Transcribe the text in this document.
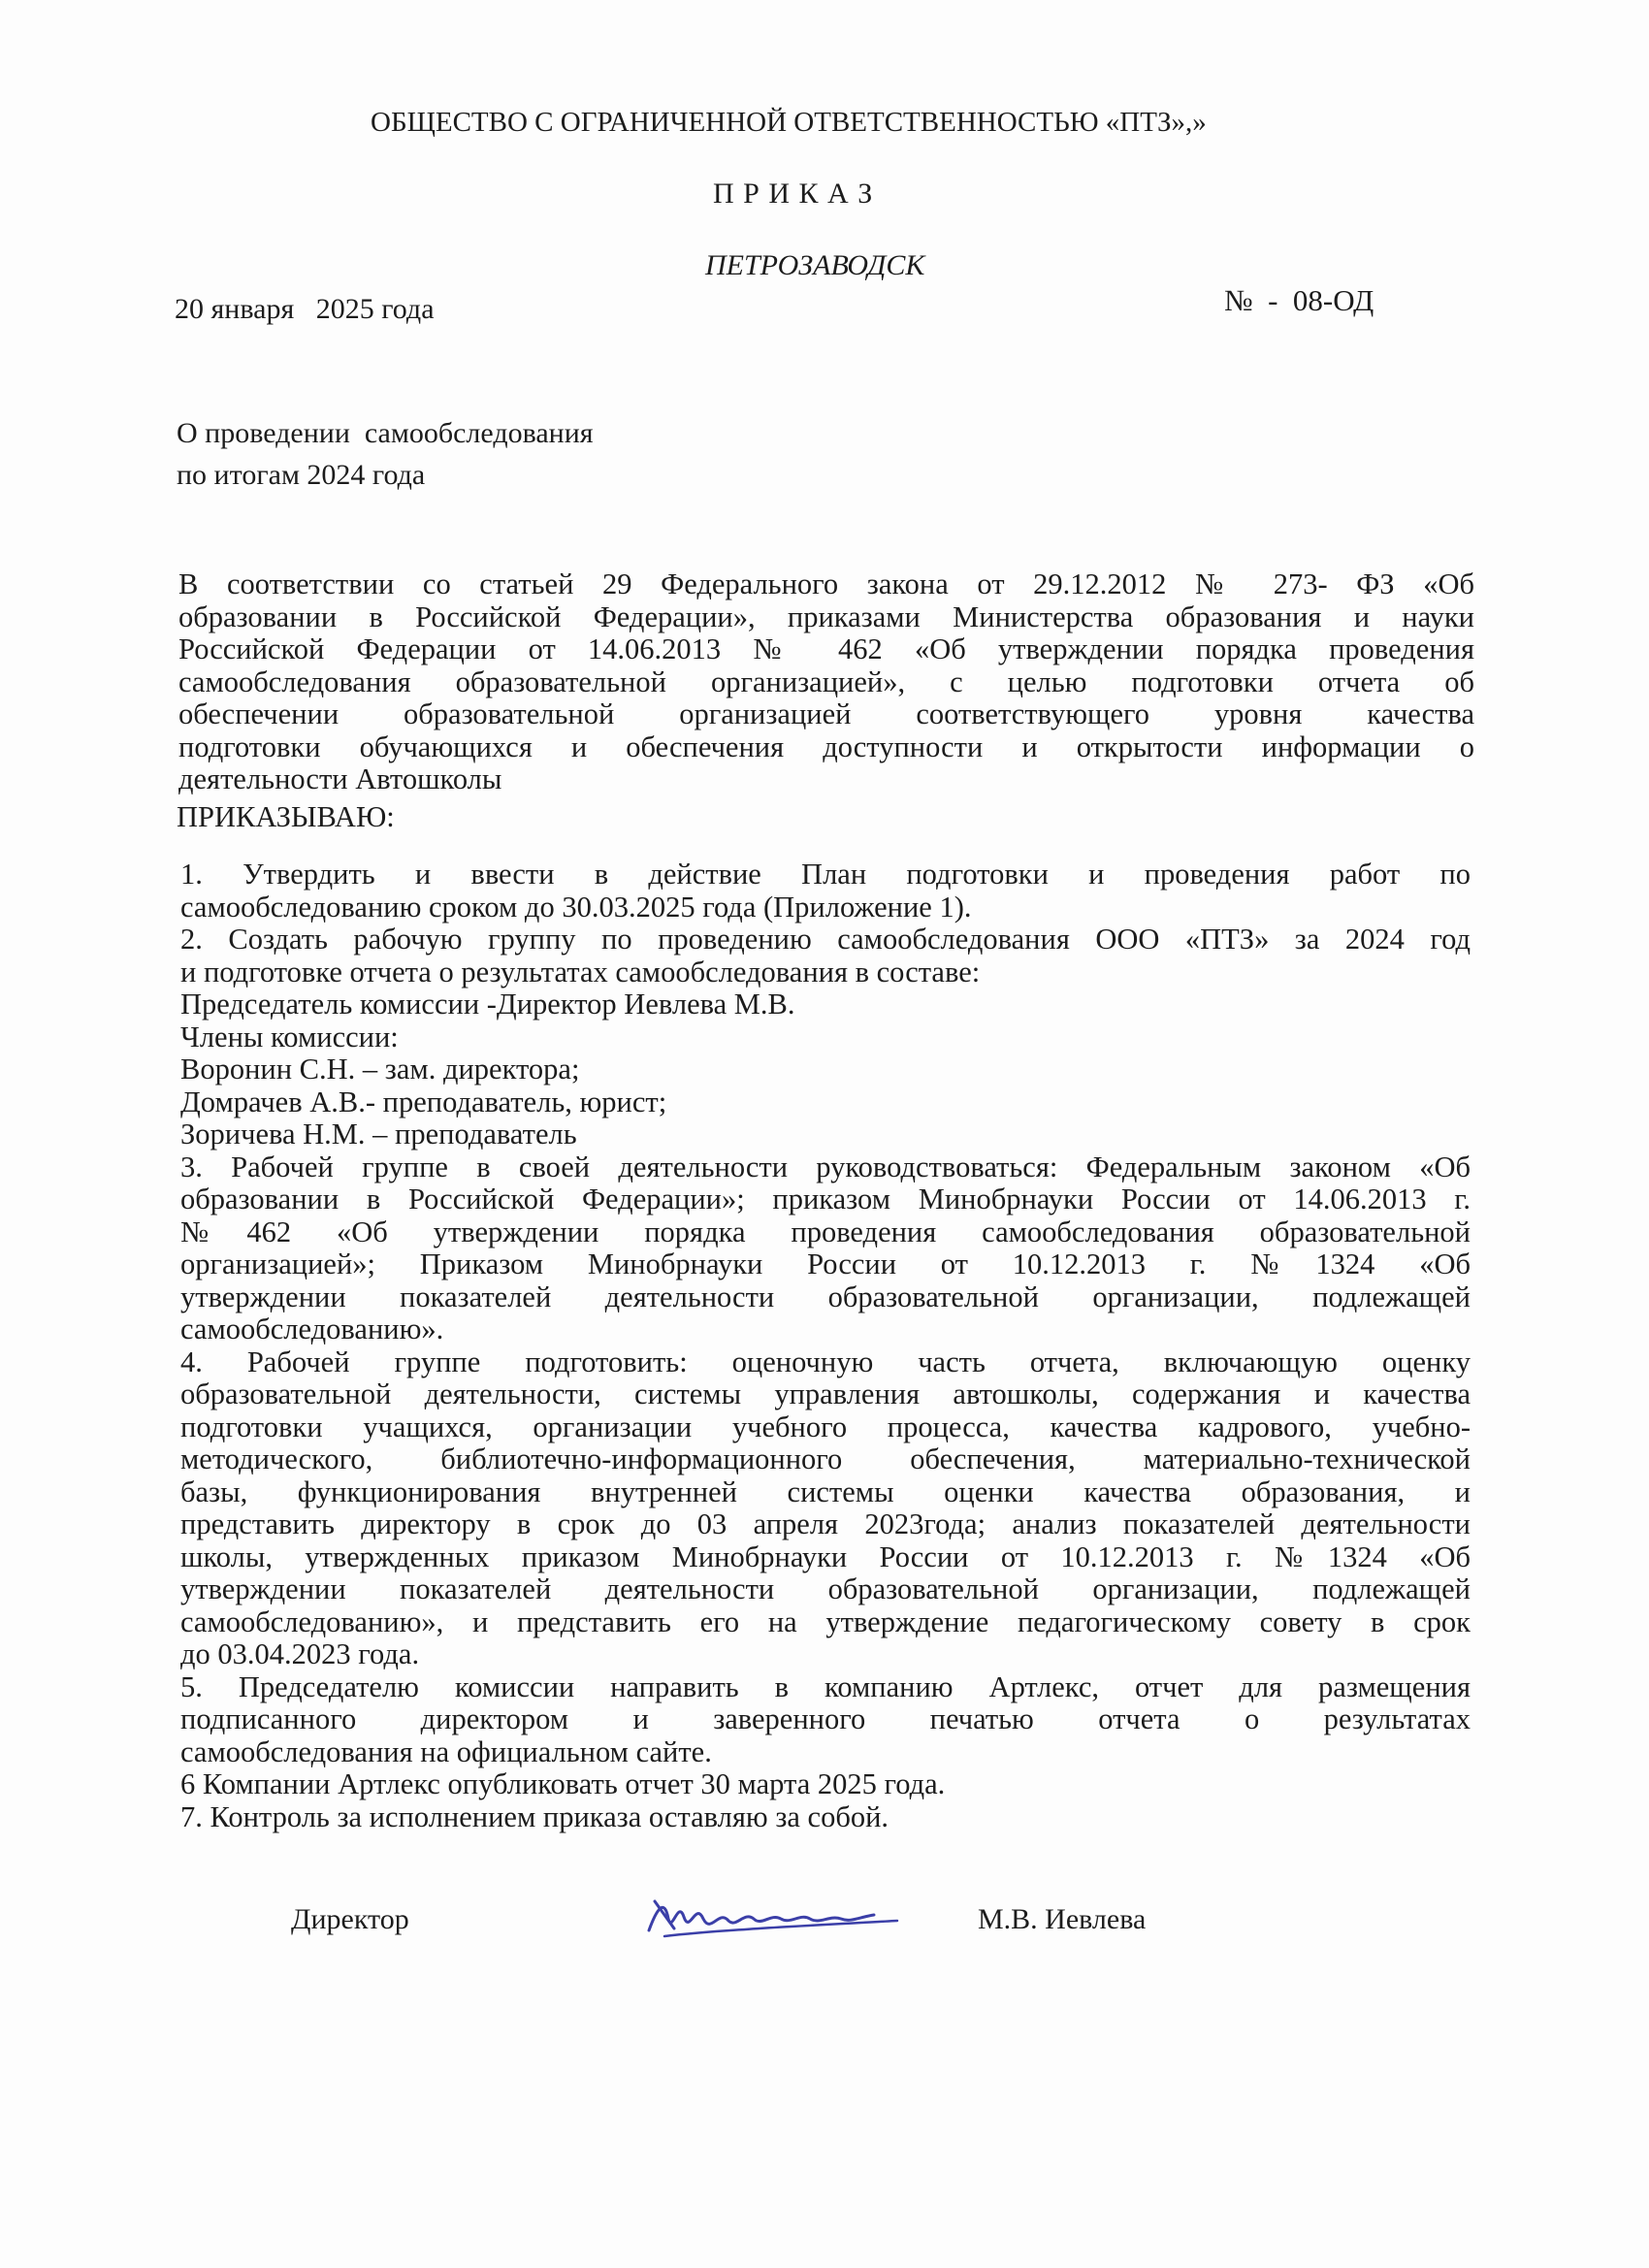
ОБЩЕСТВО С ОГРАНИЧЕННОЙ ОТВЕТСТВЕННОСТЬЮ «ПТЗ»,»
П Р И К А З
ПЕТРОЗАВОДСК
20 января   2025 года	№  -  08-ОД
О проведении  самообследования
по итогам 2024 года
В соответствии со статьей 29 Федерального закона от 29.12.2012 № 273- ФЗ «Об
образовании в Российской Федерации», приказами Министерства образования и науки
Российской Федерации от 14.06.2013 № 462 «Об утверждении порядка проведения
самообследования образовательной организацией», с целью подготовки отчета об
обеспечении образовательной организацией соответствующего уровня качества
подготовки обучающихся и обеспечения доступности и открытости информации о
деятельности Автошколы
ПРИКАЗЫВАЮ:
1. Утвердить и ввести в действие План подготовки и проведения работ по
самообследованию сроком до 30.03.2025 года (Приложение 1).
2. Создать рабочую группу по проведению самообследования ООО «ПТЗ» за 2024 год
и подготовке отчета о результатах самообследования в составе:
Председатель комиссии -Директор Иевлева М.В.
Члены комиссии:
Воронин С.Н. – зам. директора;
Домрачев А.В.- преподаватель, юрист;
Зоричева Н.М. – преподаватель
3. Рабочей группе в своей деятельности руководствоваться: Федеральным законом «Об
образовании в Российской Федерации»; приказом Минобрнауки России от 14.06.2013 г.
№462 «Об утверждении порядка проведения самообследования образовательной
организацией»; Приказом Минобрнауки России от 10.12.2013 г. №1324 «Об
утверждении показателей деятельности образовательной организации, подлежащей
самообследованию».
4. Рабочей группе подготовить: оценочную часть отчета, включающую оценку
образовательной деятельности, системы управления автошколы, содержания и качества
подготовки учащихся, организации учебного процесса, качества кадрового, учебно-
методического, библиотечно-информационного обеспечения, материально-технической
базы, функционирования внутренней системы оценки качества образования, и
представить директору в срок до 03 апреля 2023года; анализ показателей деятельности
школы, утвержденных приказом Минобрнауки России от 10.12.2013 г. №1324 «Об
утверждении показателей деятельности образовательной организации, подлежащей
самообследованию», и представить его на утверждение педагогическому совету в срок
до 03.04.2023 года.
5. Председателю комиссии направить в компанию Артлекс, отчет для размещения
подписанного директором и заверенного печатью отчета о результатах
самообследования на официальном сайте.
6 Компании Артлекс опубликовать отчет 30 марта 2025 года.
7. Контроль за исполнением приказа оставляю за собой.
Директор	М.В. Иевлева
